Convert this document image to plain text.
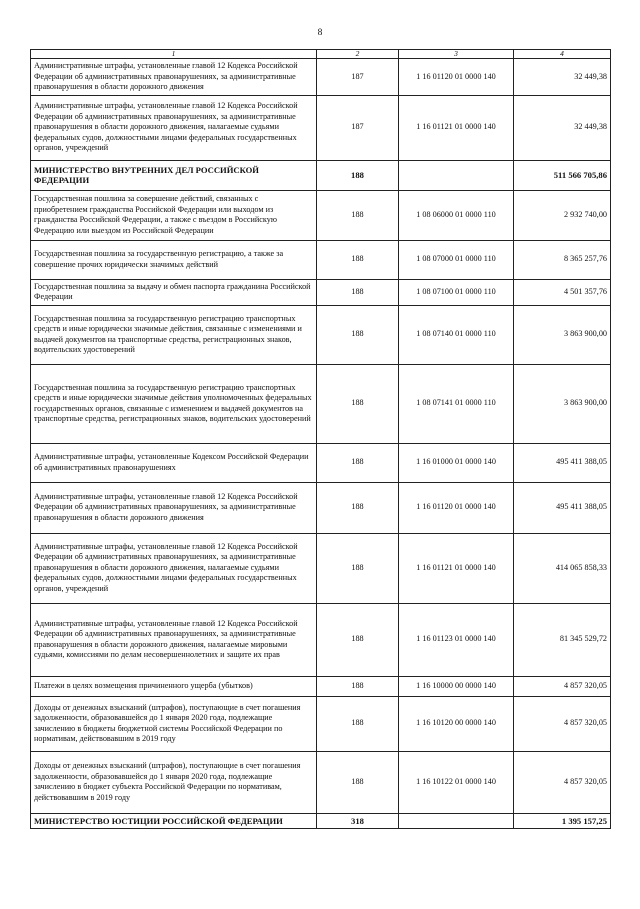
8
1	2	3	4
Административные штрафы, установленные главой 12 Кодекса Российской Федерации об административных правонарушениях, за административные правонарушения в области дорожного движения	187	1 16 01120 01 0000 140	32 449,38
Административные штрафы, установленные главой 12 Кодекса Российской Федерации об административных правонарушениях, за административные правонарушения в области дорожного движения, налагаемые судьями федеральных судов, должностными лицами федеральных государственных органов, учреждений	187	1 16 01121 01 0000 140	32 449,38
МИНИСТЕРСТВО ВНУТРЕННИХ ДЕЛ РОССИЙСКОЙ ФЕДЕРАЦИИ	188		511 566 705,86
Государственная пошлина за совершение действий, связанных с приобретением гражданства Российской Федерации или выходом из гражданства Российской Федерации, а также с въездом в Российскую Федерацию или выездом из Российской Федерации	188	1 08 06000 01 0000 110	2 932 740,00
Государственная пошлина за государственную регистрацию, а также за совершение прочих юридически значимых действий	188	1 08 07000 01 0000 110	8 365 257,76
Государственная пошлина за выдачу и обмен паспорта гражданина Российской Федерации	188	1 08 07100 01 0000 110	4 501 357,76
Государственная пошлина за государственную регистрацию транспортных средств и иные юридически значимые действия, связанные с изменениями и выдачей документов на транспортные средства, регистрационных знаков, водительских удостоверений	188	1 08 07140 01 0000 110	3 863 900,00
Государственная пошлина за государственную регистрацию транспортных средств и иные юридически значимые действия уполномоченных федеральных государственных органов, связанные с изменением и выдачей документов на транспортные средства, регистрационных знаков, водительских удостоверений	188	1 08 07141 01 0000 110	3 863 900,00
Административные штрафы, установленные Кодексом Российской Федерации об административных правонарушениях	188	1 16 01000 01 0000 140	495 411 388,05
Административные штрафы, установленные главой 12 Кодекса Российской Федерации об административных правонарушениях, за административные правонарушения в области дорожного движения	188	1 16 01120 01 0000 140	495 411 388,05
Административные штрафы, установленные главой 12 Кодекса Российской Федерации об административных правонарушениях, за административные правонарушения в области дорожного движения, налагаемые судьями федеральных судов, должностными лицами федеральных государственных органов, учреждений	188	1 16 01121 01 0000 140	414 065 858,33
Административные штрафы, установленные главой 12 Кодекса Российской Федерации об административных правонарушениях, за административные правонарушения в области дорожного движения, налагаемые мировыми судьями, комиссиями по делам несовершеннолетних и защите их прав	188	1 16 01123 01 0000 140	81 345 529,72
Платежи в целях возмещения причиненного ущерба (убытков)	188	1 16 10000 00 0000 140	4 857 320,05
Доходы от денежных взысканий (штрафов), поступающие в счет погашения задолженности, образовавшейся до 1 января 2020 года, подлежащие зачислению в бюджеты бюджетной системы Российской Федерации по нормативам, действовавшим в 2019 году	188	1 16 10120 00 0000 140	4 857 320,05
Доходы от денежных взысканий (штрафов), поступающие в счет погашения задолженности, образовавшейся до 1 января 2020 года, подлежащие зачислению в бюджет субъекта Российской Федерации по нормативам, действовавшим в 2019 году	188	1 16 10122 01 0000 140	4 857 320,05
МИНИСТЕРСТВО ЮСТИЦИИ РОССИЙСКОЙ ФЕДЕРАЦИИ	318		1 395 157,25
